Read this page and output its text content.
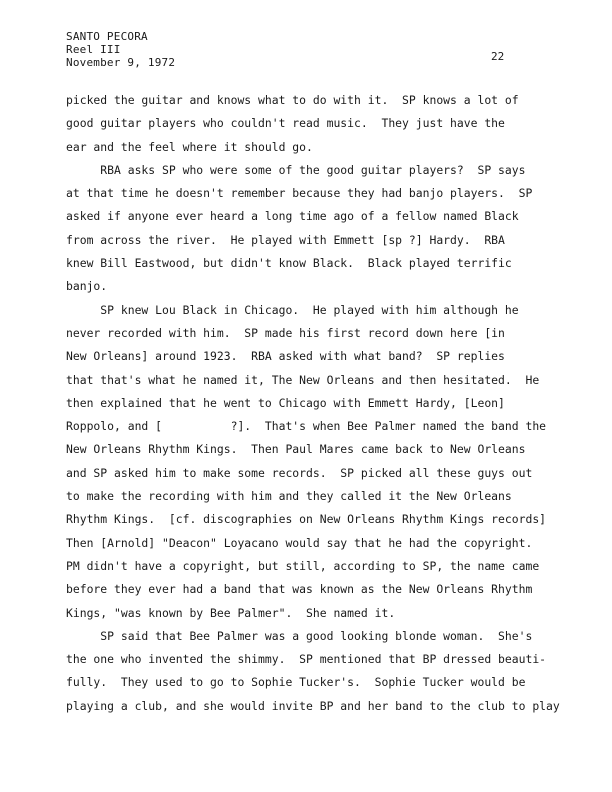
SANTO PECORA
Reel III
November 9, 1972	22
picked the guitar and knows what to do with it.  SP knows a lot of
good guitar players who couldn't read music.  They just have the
ear and the feel where it should go.
RBA asks SP who were some of the good guitar players?  SP says
at that time he doesn't remember because they had banjo players.  SP
asked if anyone ever heard a long time ago of a fellow named Black
from across the river.  He played with Emmett [sp ?] Hardy.  RBA
knew Bill Eastwood, but didn't know Black.  Black played terrific
banjo.
SP knew Lou Black in Chicago.  He played with him although he
never recorded with him.  SP made his first record down here [in
New Orleans] around 1923.  RBA asked with what band?  SP replies
that that's what he named it, The New Orleans and then hesitated.  He
then explained that he went to Chicago with Emmett Hardy, [Leon]
Roppolo, and [          ?].  That's when Bee Palmer named the band the
New Orleans Rhythm Kings.  Then Paul Mares came back to New Orleans
and SP asked him to make some records.  SP picked all these guys out
to make the recording with him and they called it the New Orleans
Rhythm Kings.  [cf. discographies on New Orleans Rhythm Kings records]
Then [Arnold] "Deacon" Loyacano would say that he had the copyright.
PM didn't have a copyright, but still, according to SP, the name came
before they ever had a band that was known as the New Orleans Rhythm
Kings, "was known by Bee Palmer".  She named it.
SP said that Bee Palmer was a good looking blonde woman.  She's
the one who invented the shimmy.  SP mentioned that BP dressed beauti-
fully.  They used to go to Sophie Tucker's.  Sophie Tucker would be
playing a club, and she would invite BP and her band to the club to play
